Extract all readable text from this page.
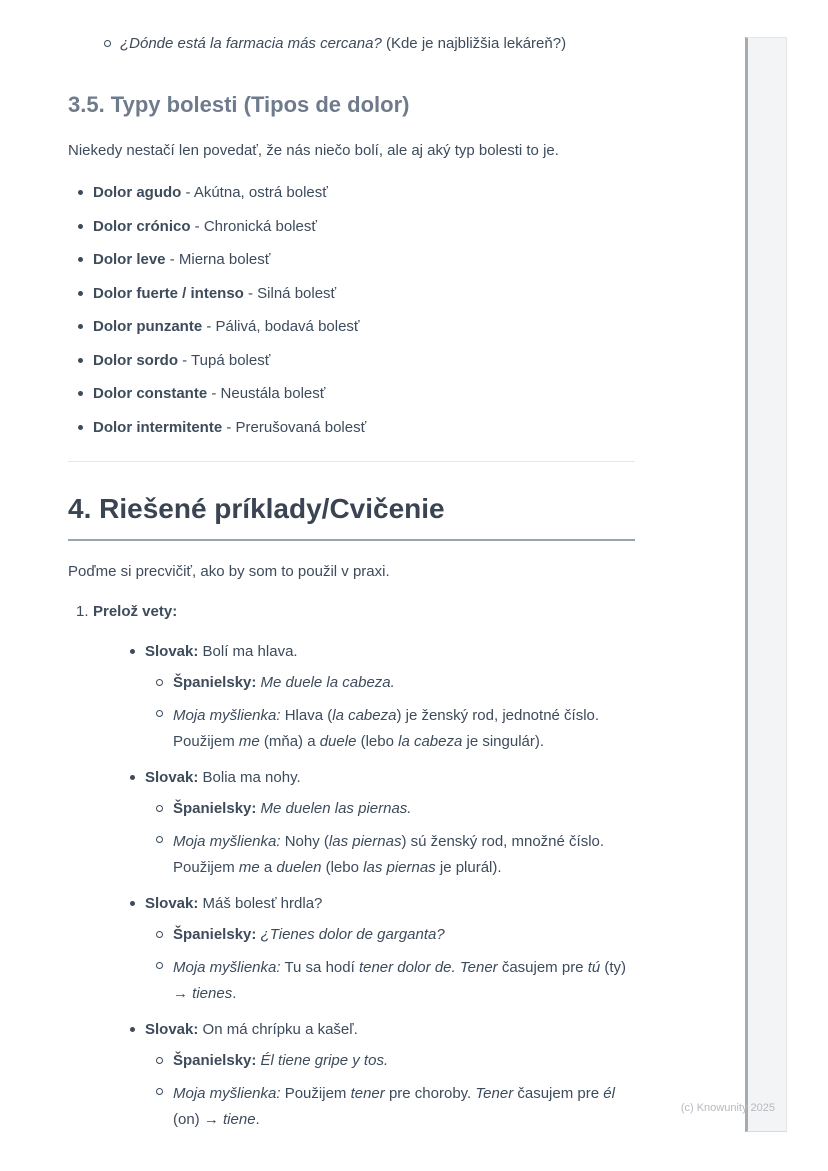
¿Dónde está la farmacia más cercana? (Kde je najbližšia lekáreň?)
3.5. Typy bolesti (Tipos de dolor)

Niekedy nestačí len povedať, že nás niečo bolí, ale aj aký typ bolesti to je.

Dolor agudo - Akútna, ostrá bolesť
Dolor crónico - Chronická bolesť
Dolor leve - Mierna bolesť
Dolor fuerte / intenso - Silná bolesť
Dolor punzante - Pálivá, bodavá bolesť
Dolor sordo - Tupá bolesť
Dolor constante - Neustála bolesť
Dolor intermitente - Prerušovaná bolesť
4. Riešené príklady/Cvičenie

Poďme si precvičiť, ako by som to použil v praxi.

1. Prelož vety:
Slovak: Bolí ma hlava.
Španielsky: Me duele la cabeza.
Moja myšlienka: Hlava (la cabeza) je ženský rod, jednotné číslo. Použijem me (mňa) a duele (lebo la cabeza je singulár).
Slovak: Bolia ma nohy.
Španielsky: Me duelen las piernas.
Moja myšlienka: Nohy (las piernas) sú ženský rod, množné číslo. Použijem me a duelen (lebo las piernas je plurál).
Slovak: Máš bolesť hrdla?
Španielsky: ¿Tienes dolor de garganta?
Moja myšlienka: Tu sa hodí tener dolor de. Tener časujem pre tú (ty) → tienes.
Slovak: On má chrípku a kašeľ.
Španielsky: Él tiene gripe y tos.
Moja myšlienka: Použijem tener pre choroby. Tener časujem pre él (on) → tiene.
(c) Knowunity 2025
